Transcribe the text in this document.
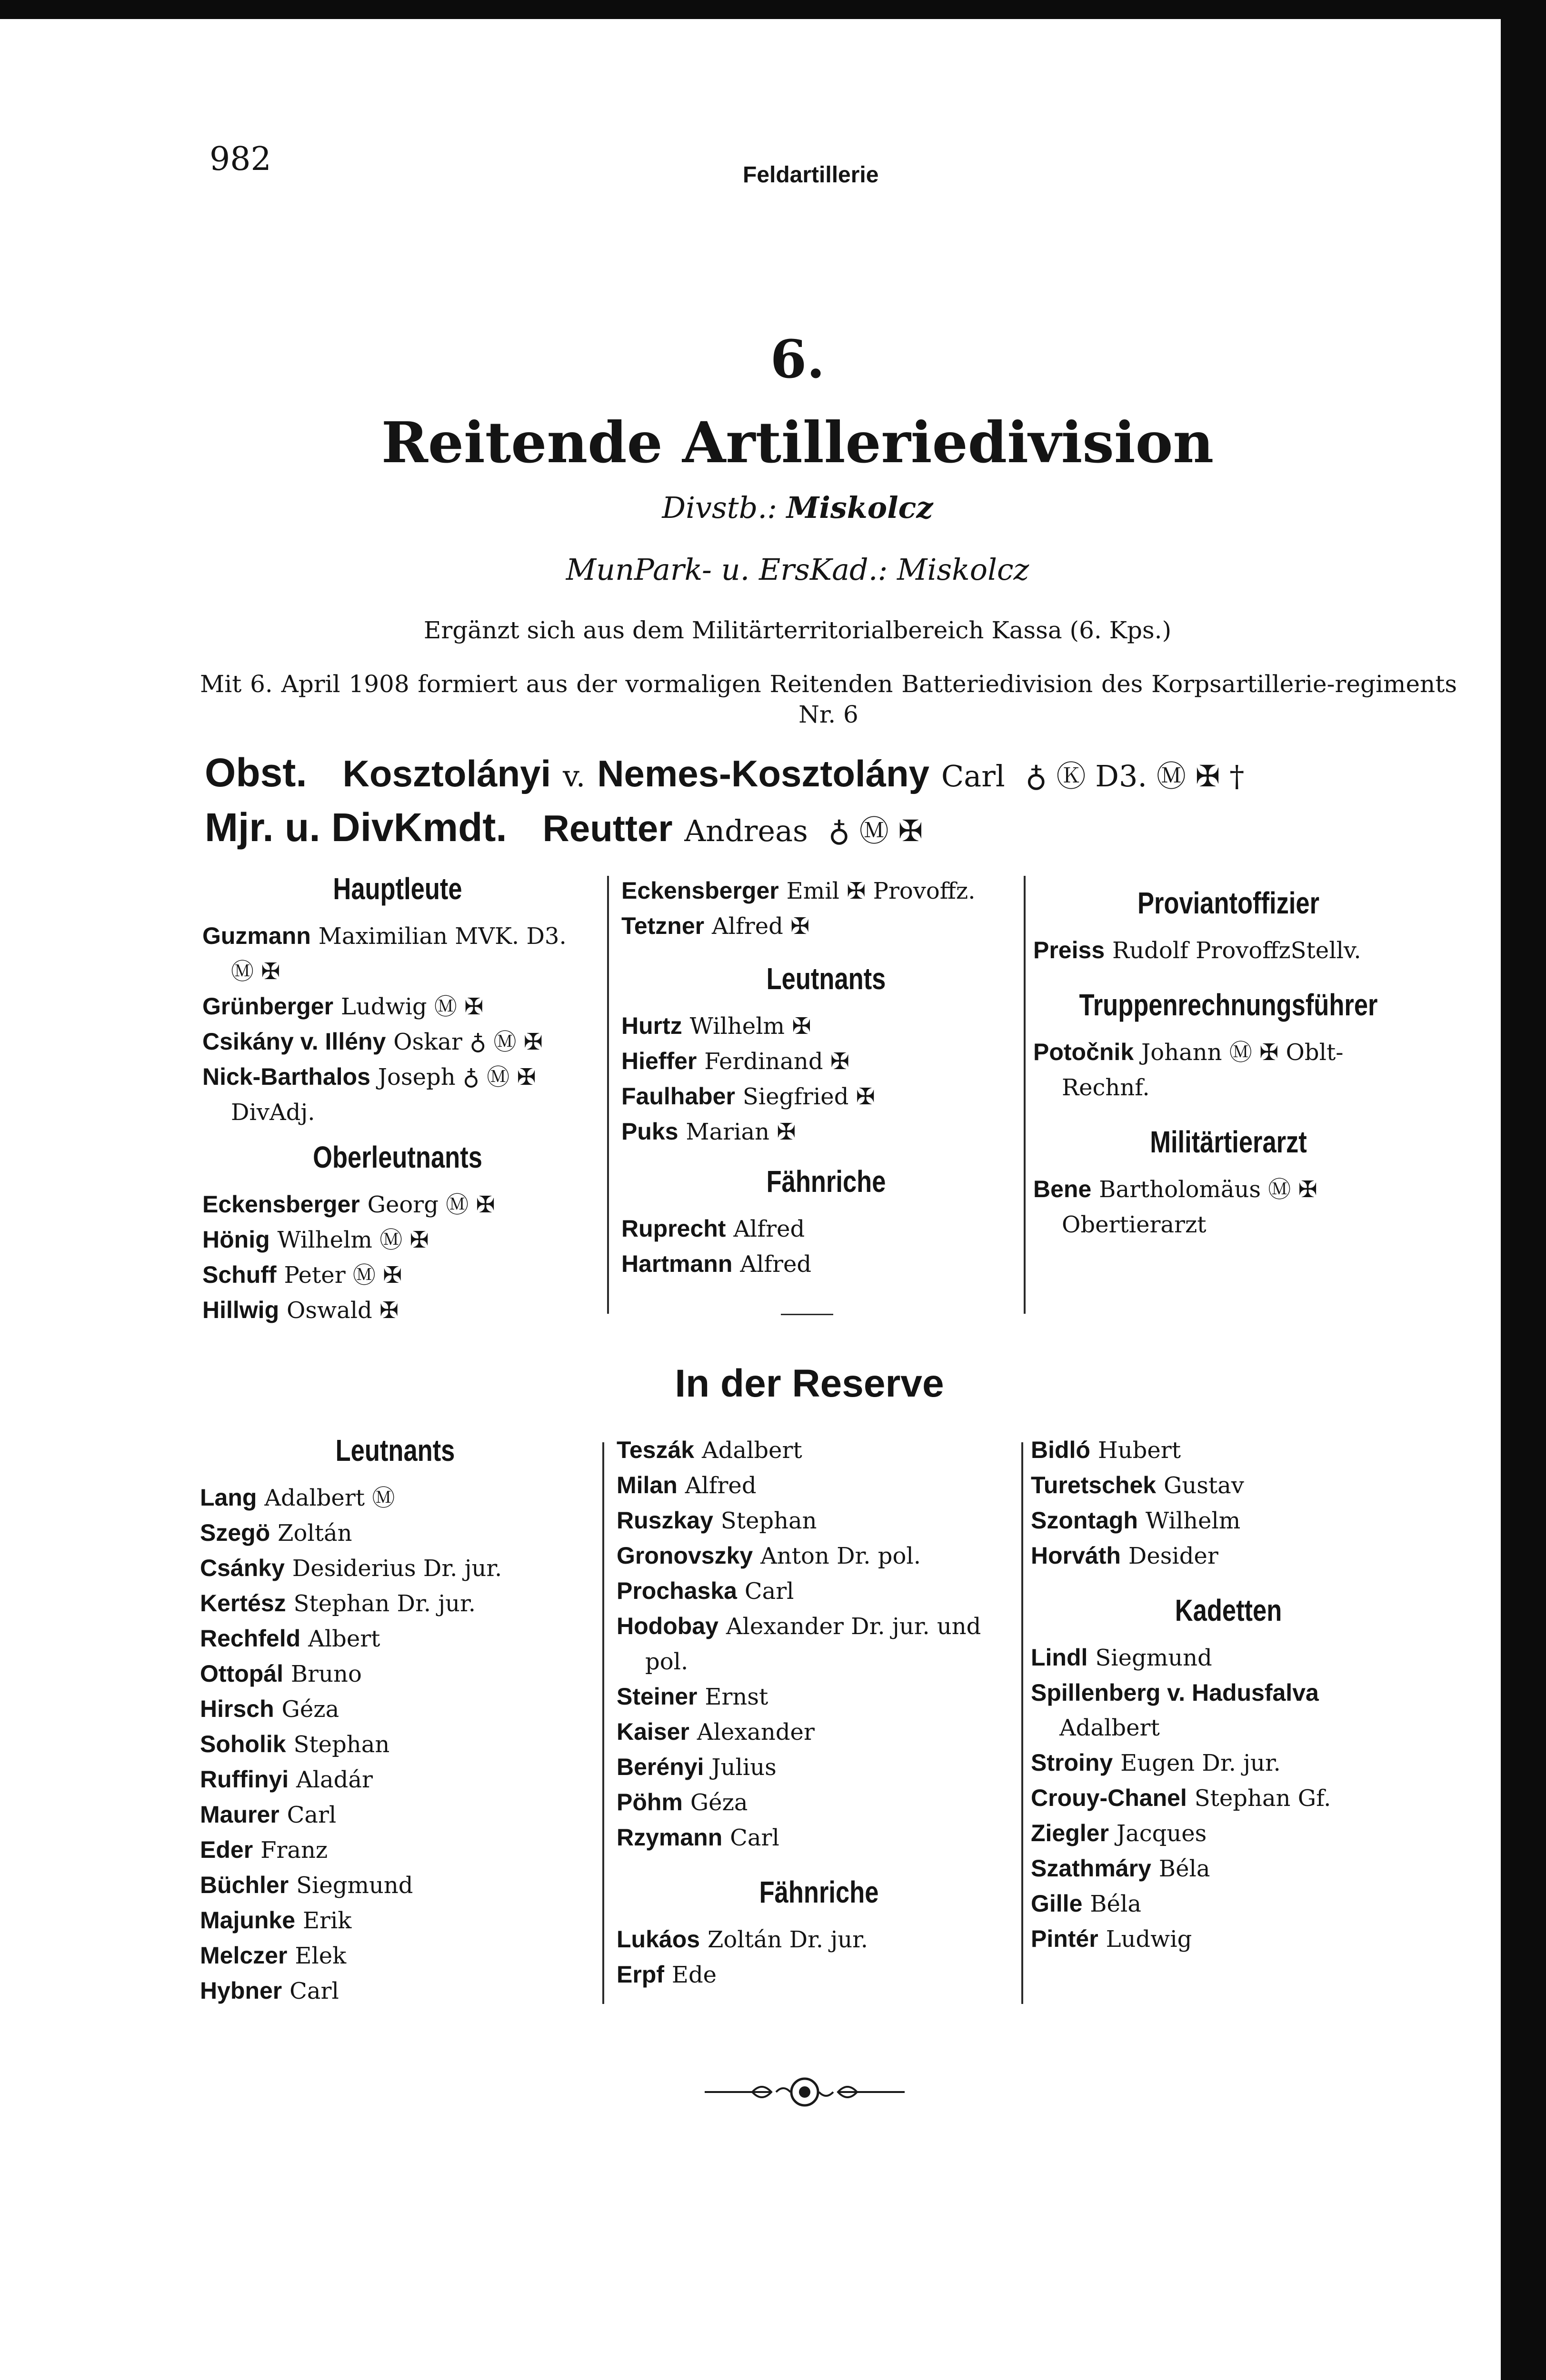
982	Feldartillerie
6.
Reitende Artilleriedivision
Divstb.: Miskolcz
MunPark- u. ErsKad.: Miskolcz
Ergänzt sich aus dem Militärterritorialbereich Kassa (6. Kps.)
Mit 6. April 1908 formiert aus der vormaligen Reitenden Batteriedivision des Korpsartillerie-regiments Nr. 6
Obst. Kosztolányi v. Nemes-Kosztolány Carl ♁ Ⓚ D3. Ⓜ ✠ †
Mjr. u. DivKmdt. Reutter Andreas ♁ Ⓜ ✠
Hauptleute
Guzmann Maximilian MVK. D3. Ⓜ ✠
Grünberger Ludwig Ⓜ ✠
Csikány v. Illény Oskar ♁ Ⓜ ✠
Nick-Barthalos Joseph ♁ Ⓜ ✠ DivAdj.
Oberleutnants
Eckensberger Georg Ⓜ ✠
Hönig Wilhelm Ⓜ ✠
Schuff Peter Ⓜ ✠
Hillwig Oswald ✠
Eckensberger Emil ✠ Provoffz.
Tetzner Alfred ✠
Leutnants
Hurtz Wilhelm ✠
Hieffer Ferdinand ✠
Faulhaber Siegfried ✠
Puks Marian ✠
Fähnriche
Ruprecht Alfred
Hartmann Alfred
Proviantoffizier
Preiss Rudolf ProvoffzStellv.
Truppenrechnungsführer
Potočnik Johann Ⓜ ✠ Oblt-Rechnf.
Militärtierarzt
Bene Bartholomäus Ⓜ ✠ Obertierarzt
In der Reserve
Leutnants
Lang Adalbert Ⓜ
Szegö Zoltán
Csánky Desiderius Dr. jur.
Kertész Stephan Dr. jur.
Rechfeld Albert
Ottopál Bruno
Hirsch Géza
Soholik Stephan
Ruffinyi Aladár
Maurer Carl
Eder Franz
Büchler Siegmund
Majunke Erik
Melczer Elek
Hybner Carl
Teszák Adalbert
Milan Alfred
Ruszkay Stephan
Gronovszky Anton Dr. pol.
Prochaska Carl
Hodobay Alexander Dr. jur. und pol.
Steiner Ernst
Kaiser Alexander
Berényi Julius
Pöhm Géza
Rzymann Carl
Fähnriche
Lukáos Zoltán Dr. jur.
Erpf Ede
Bidló Hubert
Turetschek Gustav
Szontagh Wilhelm
Horváth Desider
Kadetten
Lindl Siegmund
Spillenberg v. Hadusfalva Adalbert
Stroiny Eugen Dr. jur.
Crouy-Chanel Stephan Gf.
Ziegler Jacques
Szathmáry Béla
Gille Béla
Pintér Ludwig
